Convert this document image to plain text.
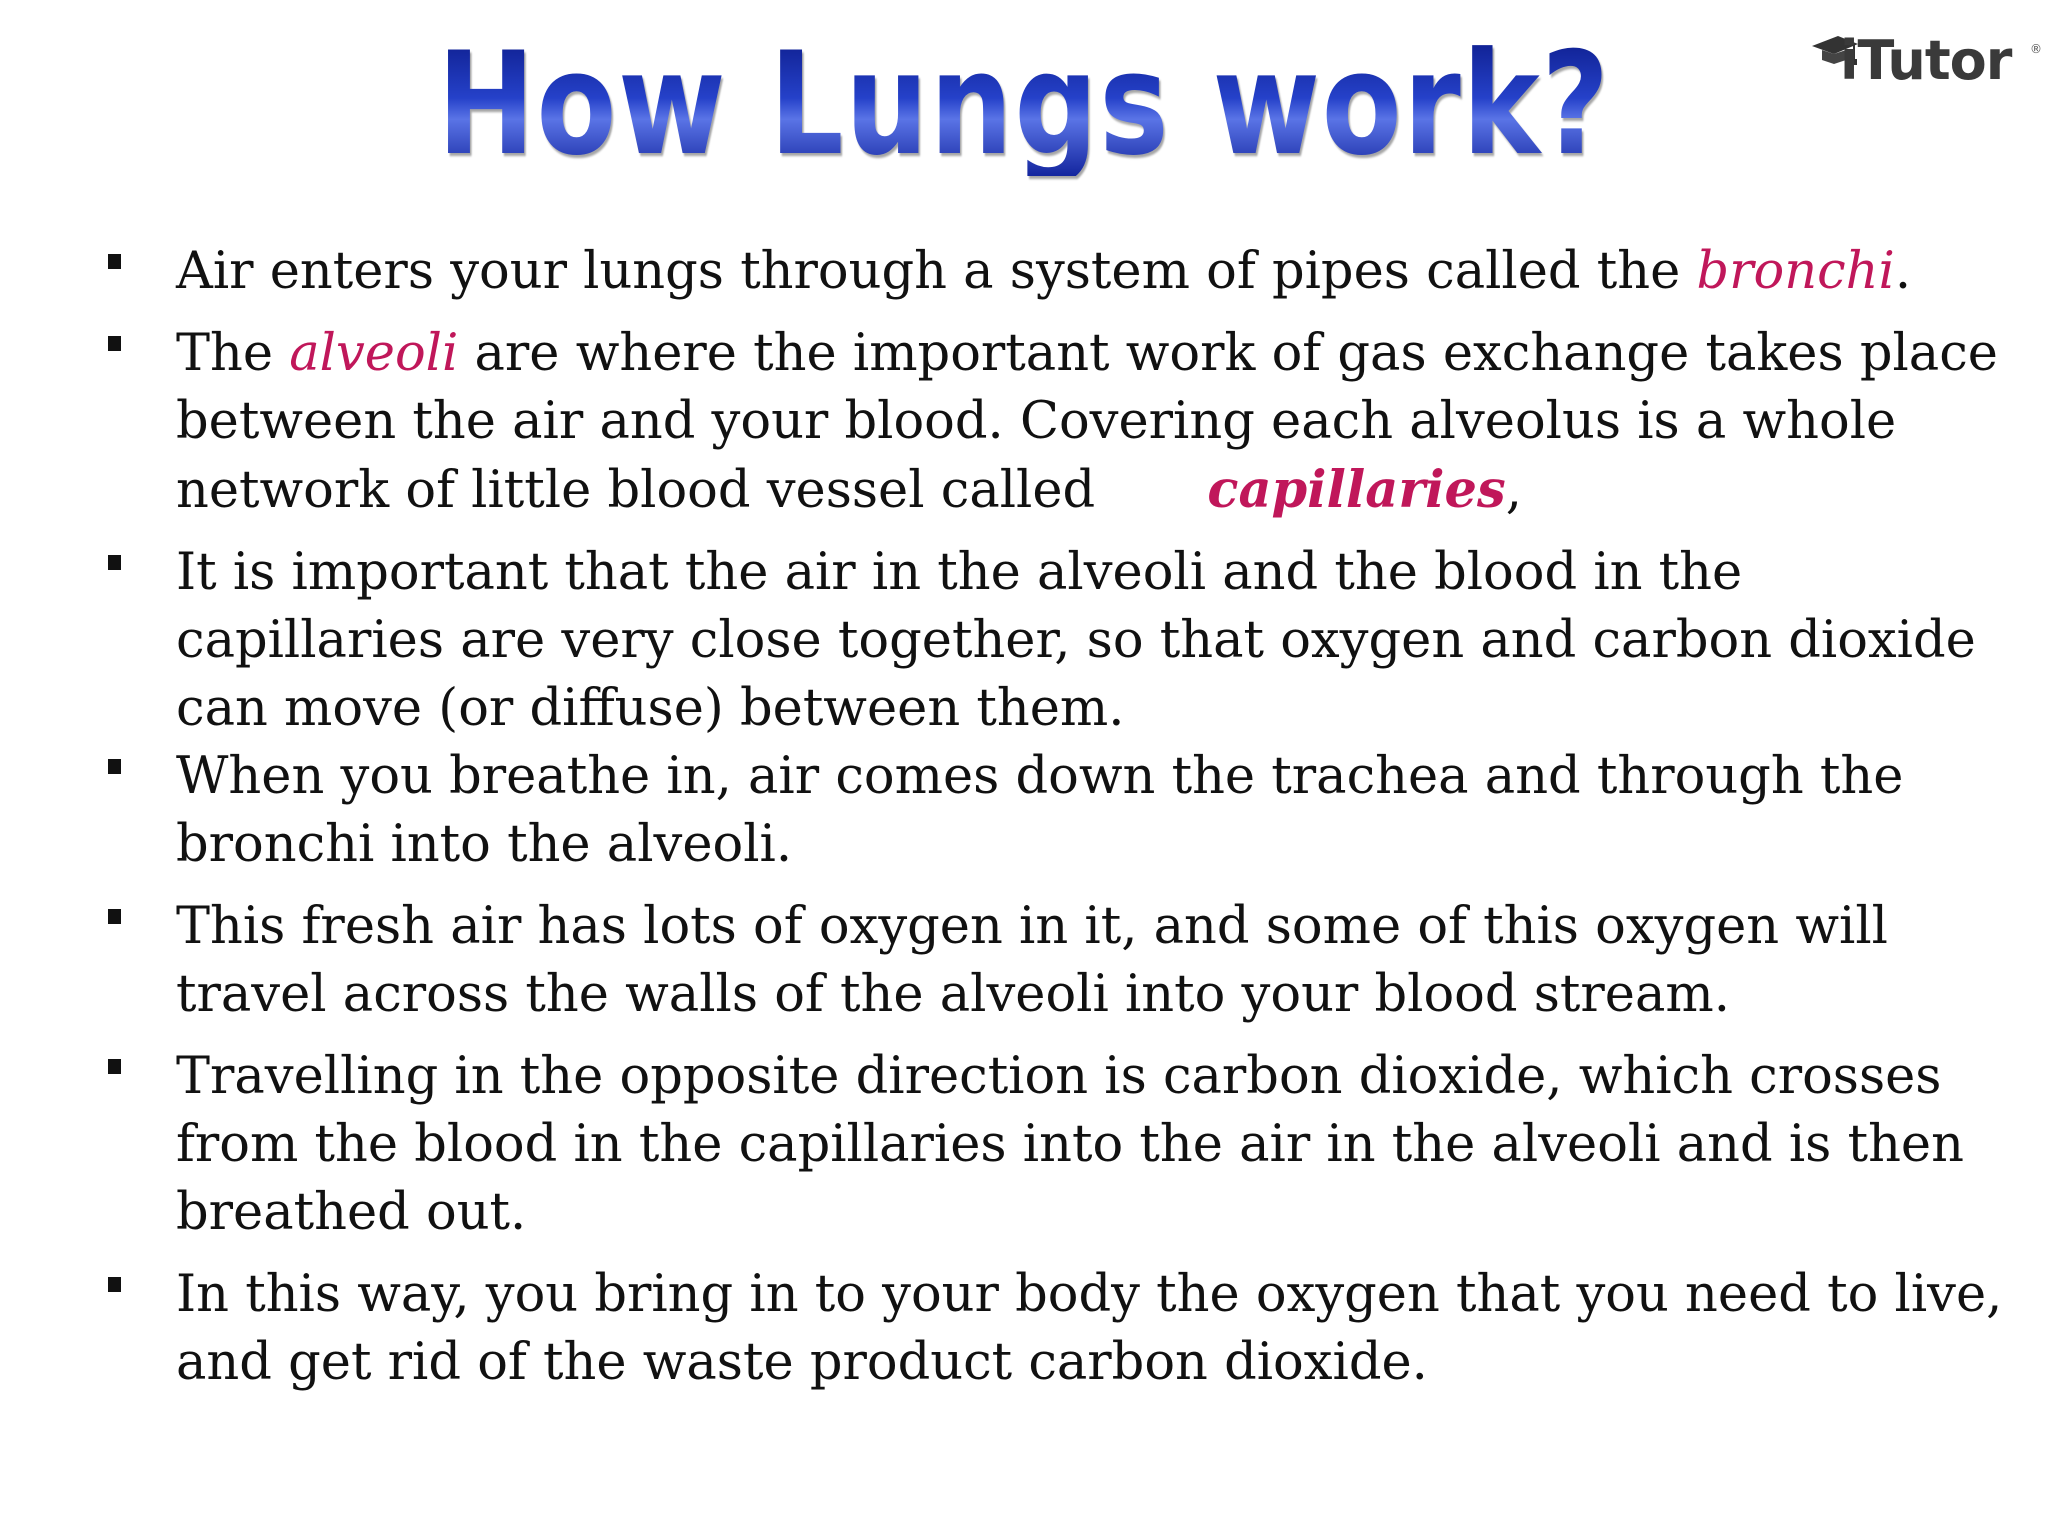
How Lungs work?	iTutor ®
Air enters your lungs through a system of pipes called the bronchi.
The alveoli are where the important work of gas exchange takes place between the air and your blood. Covering each alveolus is a whole network of little blood vessel called capillaries,
It is important that the air in the alveoli and the blood in the capillaries are very close together, so that oxygen and carbon dioxide can move (or diffuse) between them.
When you breathe in, air comes down the trachea and through the bronchi into the alveoli.
This fresh air has lots of oxygen in it, and some of this oxygen will travel across the walls of the alveoli into your blood stream.
Travelling in the opposite direction is carbon dioxide, which crosses from the blood in the capillaries into the air in the alveoli and is then breathed out.
In this way, you bring in to your body the oxygen that you need to live, and get rid of the waste product carbon dioxide.
